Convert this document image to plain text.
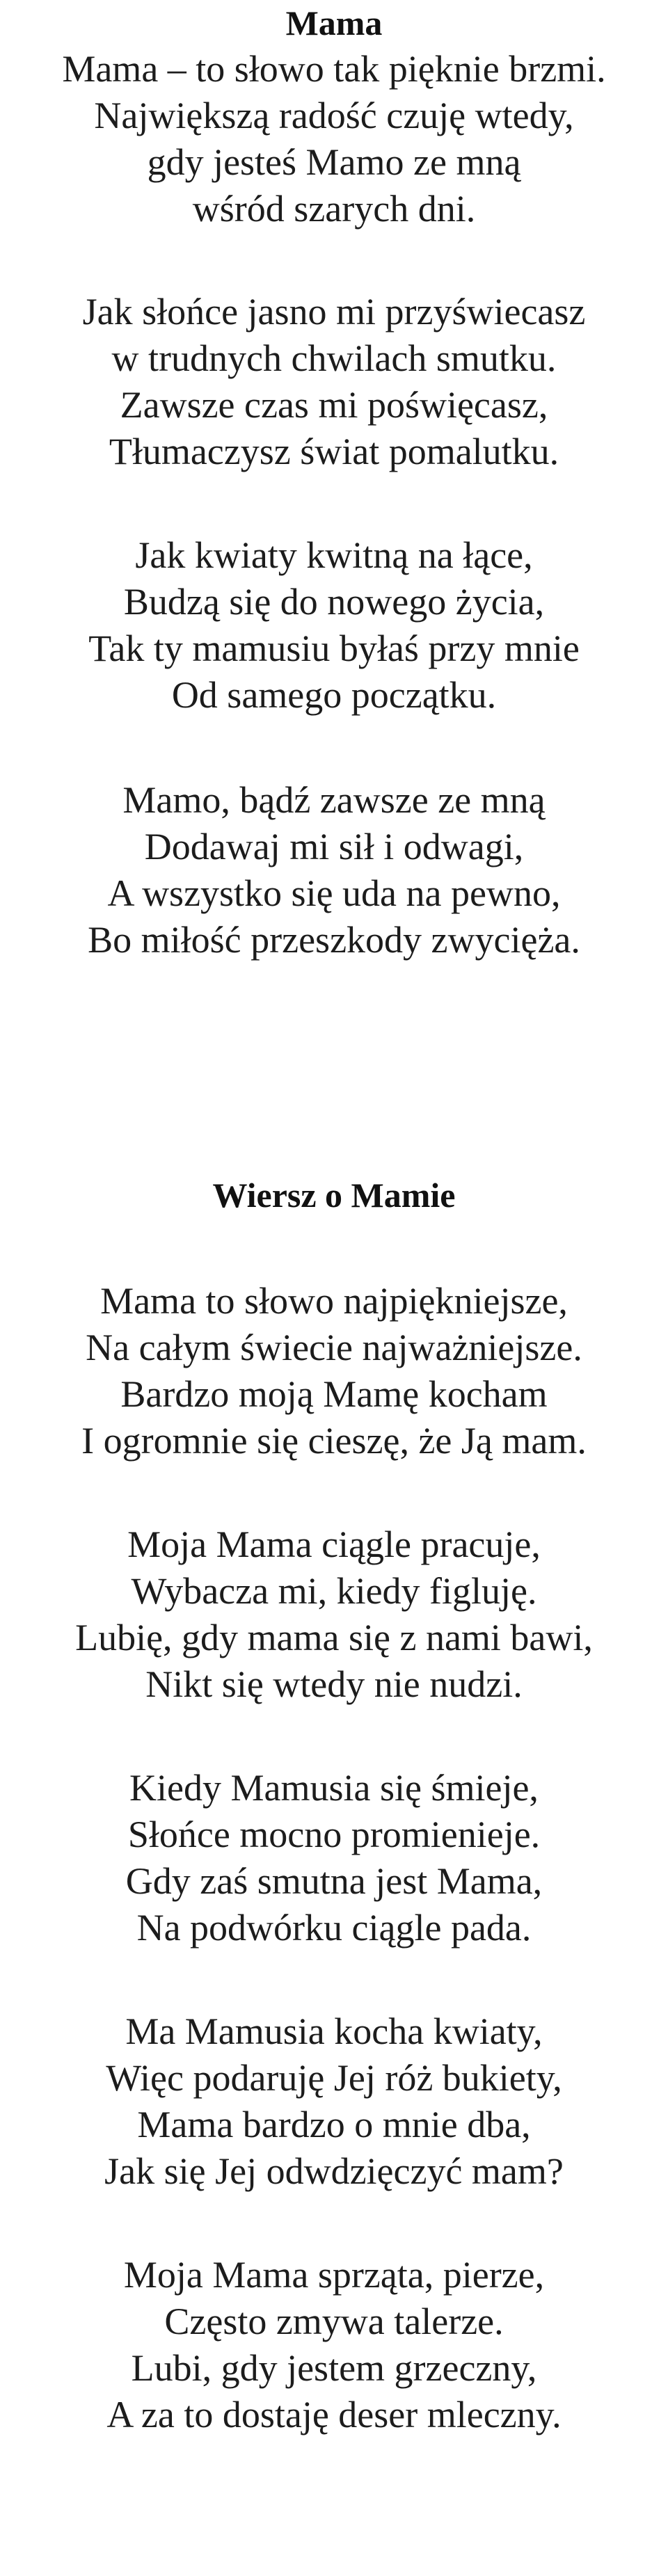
Mama
Mama – to słowo tak pięknie brzmi.
Największą radość czuję wtedy,
gdy jesteś Mamo ze mną
wśród szarych dni.
Jak słońce jasno mi przyświecasz
w trudnych chwilach smutku.
Zawsze czas mi poświęcasz,
Tłumaczysz świat pomalutku.
Jak kwiaty kwitną na łące,
Budzą się do nowego życia,
Tak ty mamusiu byłaś przy mnie
Od samego początku.
Mamo, bądź zawsze ze mną
Dodawaj mi sił i odwagi,
A wszystko się uda na pewno,
Bo miłość przeszkody zwycięża.
Wiersz o Mamie
Mama to słowo najpiękniejsze,
Na całym świecie najważniejsze.
Bardzo moją Mamę kocham
I ogromnie się cieszę, że Ją mam.
Moja Mama ciągle pracuje,
Wybacza mi, kiedy figluję.
Lubię, gdy mama się z nami bawi,
Nikt się wtedy nie nudzi.
Kiedy Mamusia się śmieje,
Słońce mocno promienieje.
Gdy zaś smutna jest Mama,
Na podwórku ciągle pada.
Ma Mamusia kocha kwiaty,
Więc podaruję Jej róż bukiety,
Mama bardzo o mnie dba,
Jak się Jej odwdzięczyć mam?
Moja Mama sprząta, pierze,
Często zmywa talerze.
Lubi, gdy jestem grzeczny,
A za to dostaję deser mleczny.
